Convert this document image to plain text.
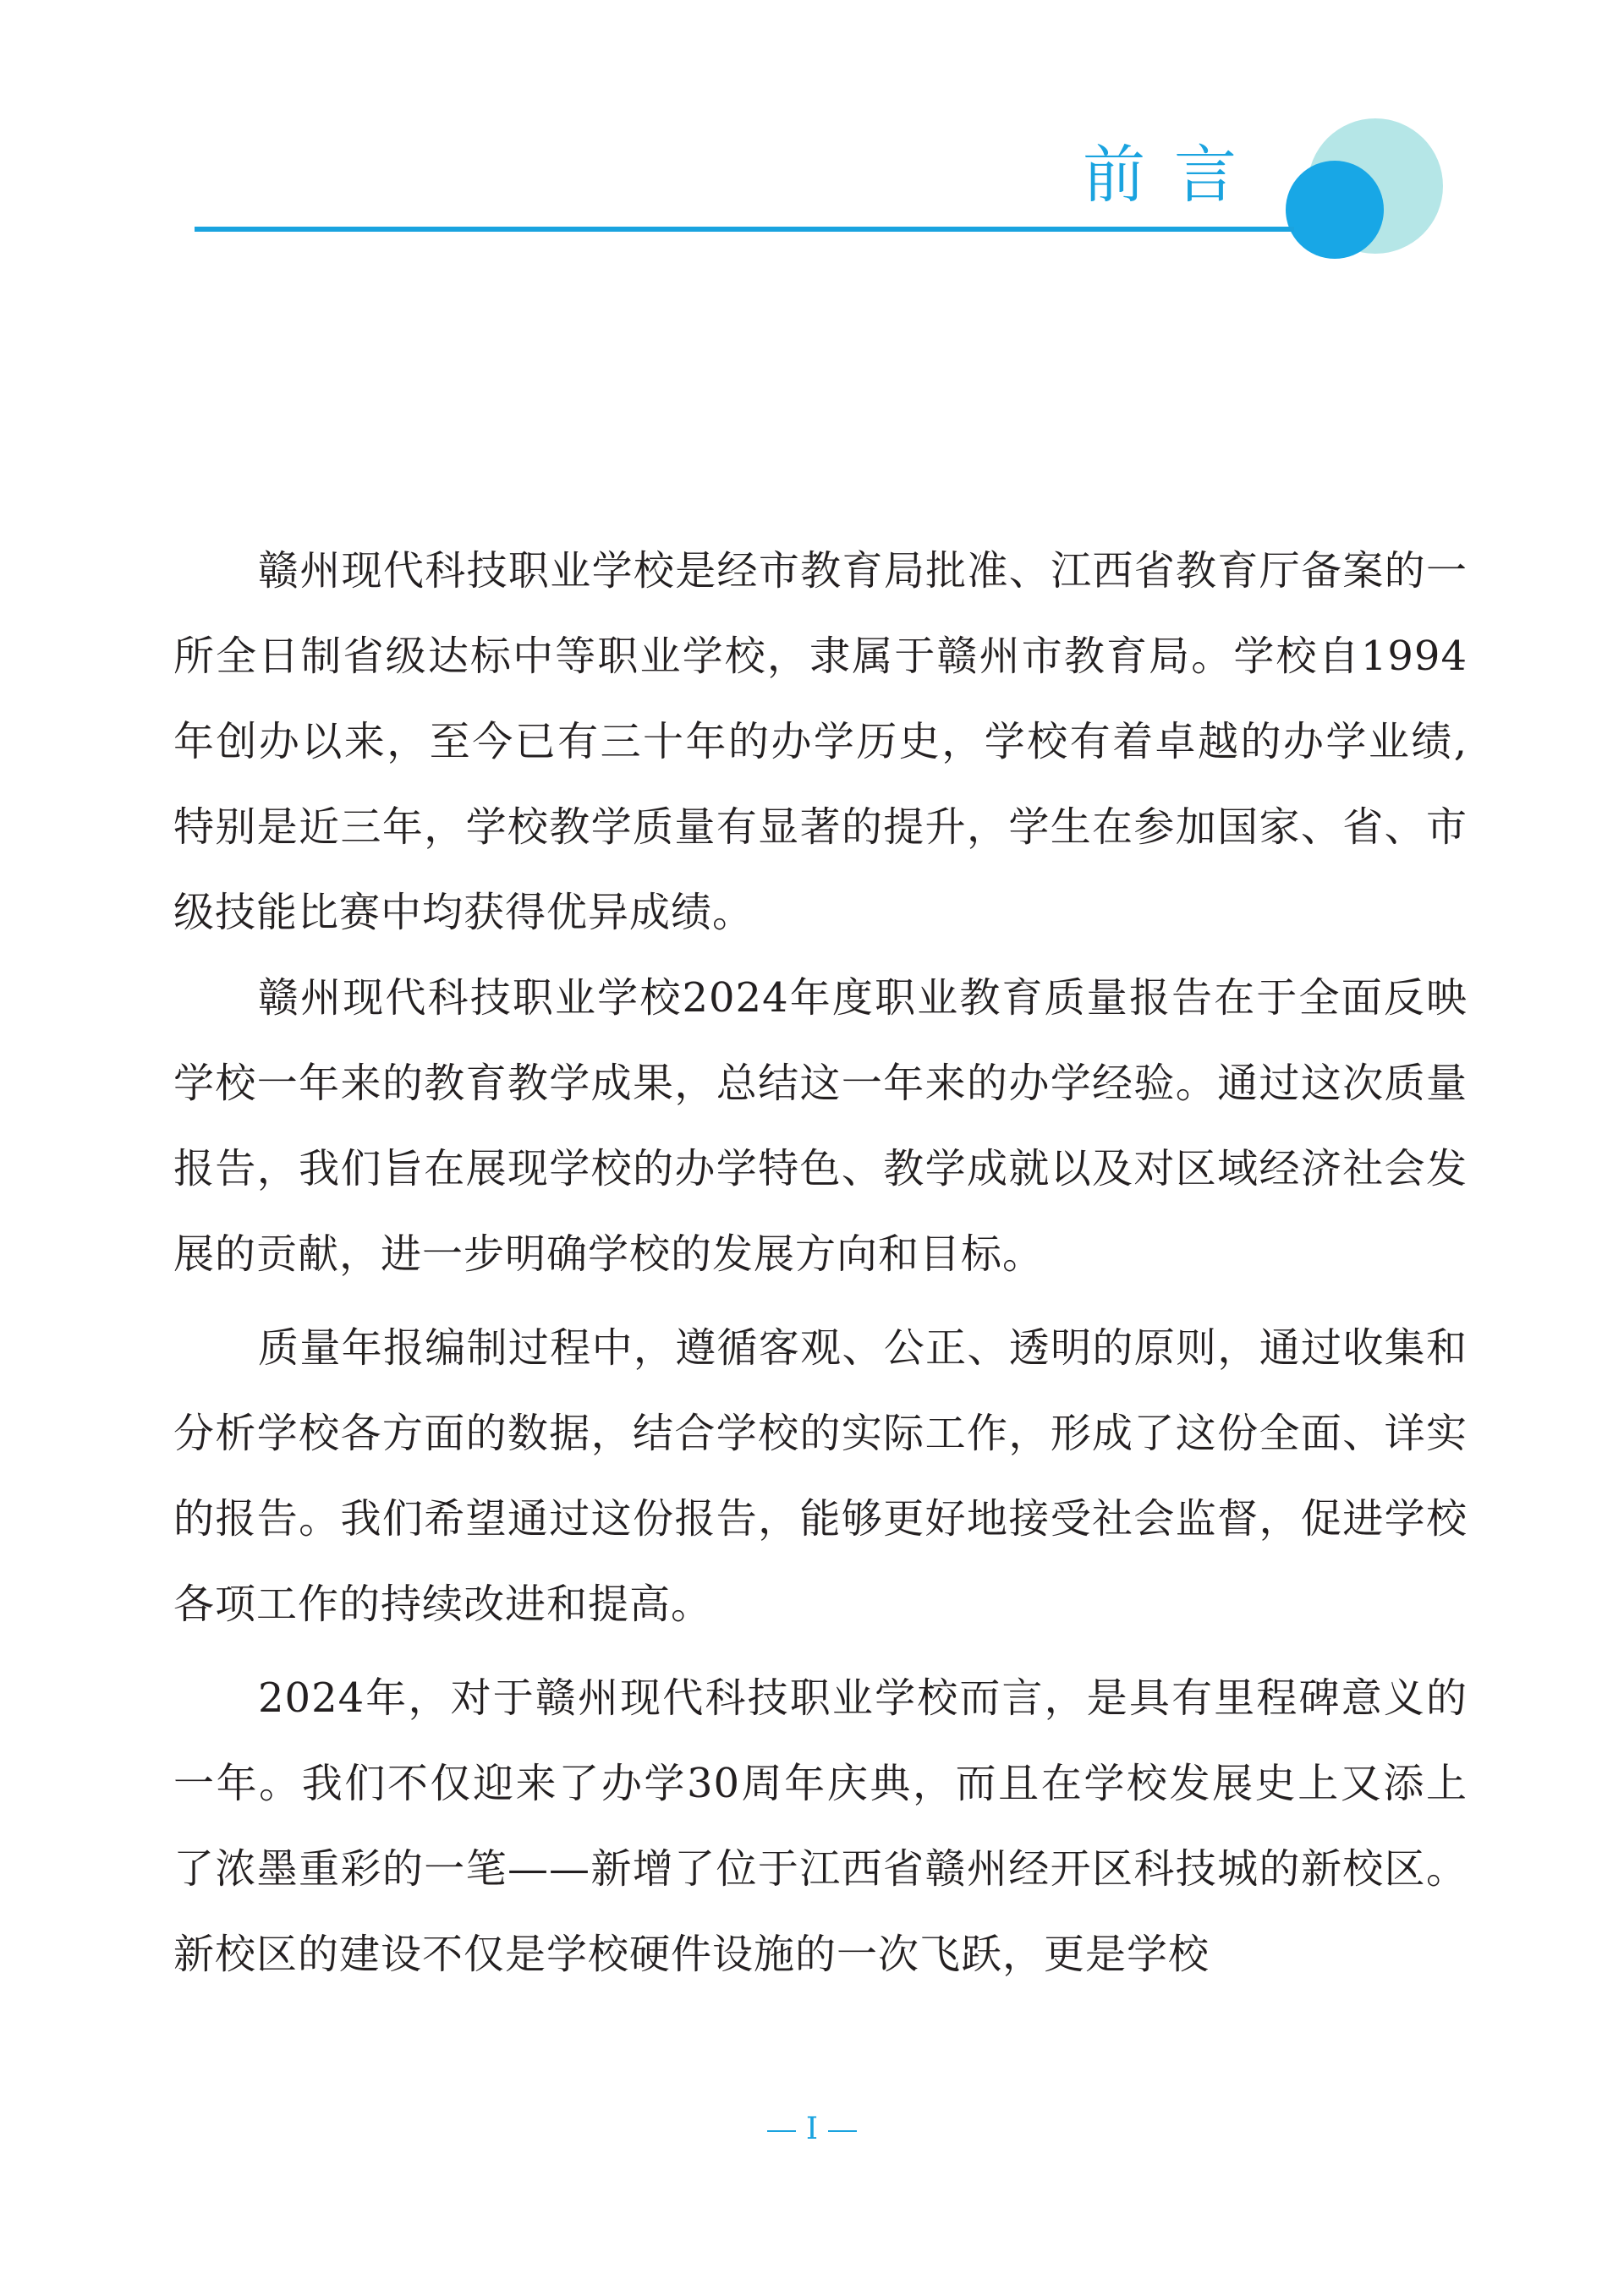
前言

赣州现代科技职业学校是经市教育局批准、江西省教育厅备案的一所全日制省级达标中等职业学校，隶属于赣州市教育局。学校自1994年创办以来，至今已有三十年的办学历史，学校有着卓越的办学业绩,特别是近三年，学校教学质量有显著的提升，学生在参加国家、省、市级技能比赛中均获得优异成绩。

赣州现代科技职业学校2024年度职业教育质量报告在于全面反映学校一年来的教育教学成果，总结这一年来的办学经验。通过这次质量报告，我们旨在展现学校的办学特色、教学成就以及对区域经济社会发展的贡献，进一步明确学校的发展方向和目标。

质量年报编制过程中，遵循客观、公正、透明的原则，通过收集和分析学校各方面的数据，结合学校的实际工作，形成了这份全面、详实的报告。我们希望通过这份报告，能够更好地接受社会监督，促进学校各项工作的持续改进和提高。

2024年，对于赣州现代科技职业学校而言，是具有里程碑意义的一年。我们不仅迎来了办学30周年庆典，而且在学校发展史上又添上了浓墨重彩的一笔——新增了位于江西省赣州经开区科技城的新校区。新校区的建设不仅是学校硬件设施的一次飞跃，更是学校

I
